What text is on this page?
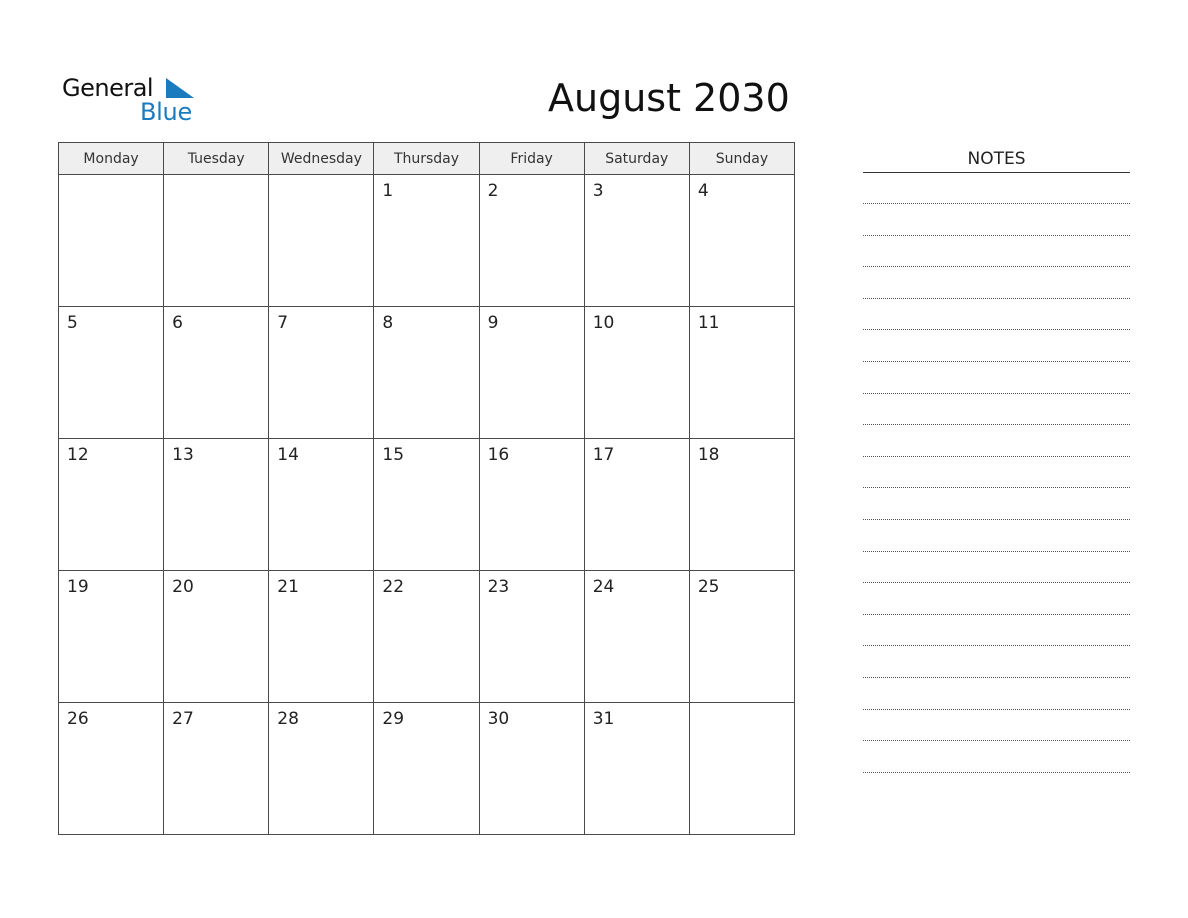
General
Blue	August 2030
Monday	Tuesday	Wednesday	Thursday	Friday	Saturday	Sunday
			1	2	3	4
5	6	7	8	9	10	11
12	13	14	15	16	17	18
19	20	21	22	23	24	25
26	27	28	29	30	31	
NOTES
